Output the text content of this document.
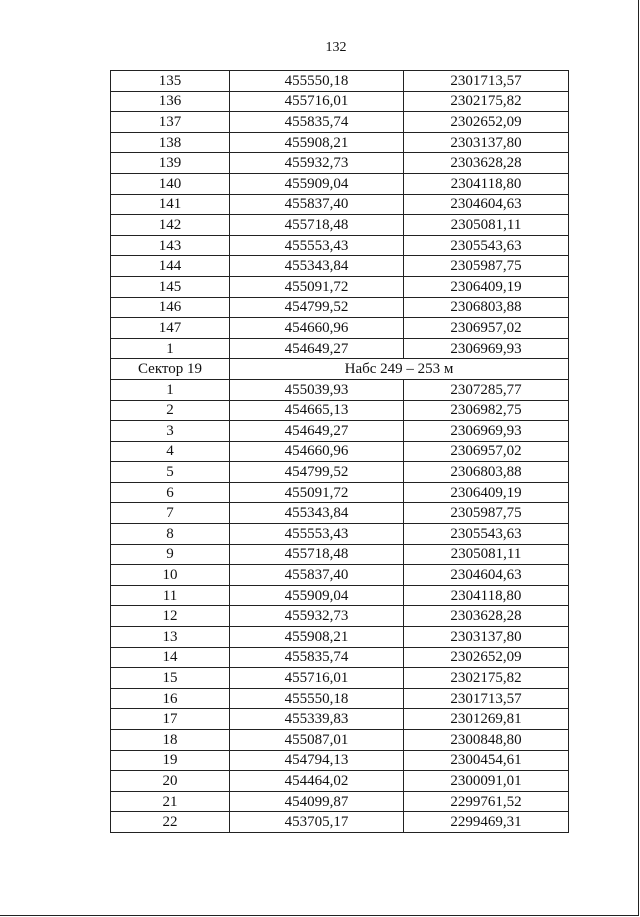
132
135	455550,18	2301713,57
136	455716,01	2302175,82
137	455835,74	2302652,09
138	455908,21	2303137,80
139	455932,73	2303628,28
140	455909,04	2304118,80
141	455837,40	2304604,63
142	455718,48	2305081,11
143	455553,43	2305543,63
144	455343,84	2305987,75
145	455091,72	2306409,19
146	454799,52	2306803,88
147	454660,96	2306957,02
1	454649,27	2306969,93
Сектор 19	Набс 249 – 253 м	
1	455039,93	2307285,77
2	454665,13	2306982,75
3	454649,27	2306969,93
4	454660,96	2306957,02
5	454799,52	2306803,88
6	455091,72	2306409,19
7	455343,84	2305987,75
8	455553,43	2305543,63
9	455718,48	2305081,11
10	455837,40	2304604,63
11	455909,04	2304118,80
12	455932,73	2303628,28
13	455908,21	2303137,80
14	455835,74	2302652,09
15	455716,01	2302175,82
16	455550,18	2301713,57
17	455339,83	2301269,81
18	455087,01	2300848,80
19	454794,13	2300454,61
20	454464,02	2300091,01
21	454099,87	2299761,52
22	453705,17	2299469,31
